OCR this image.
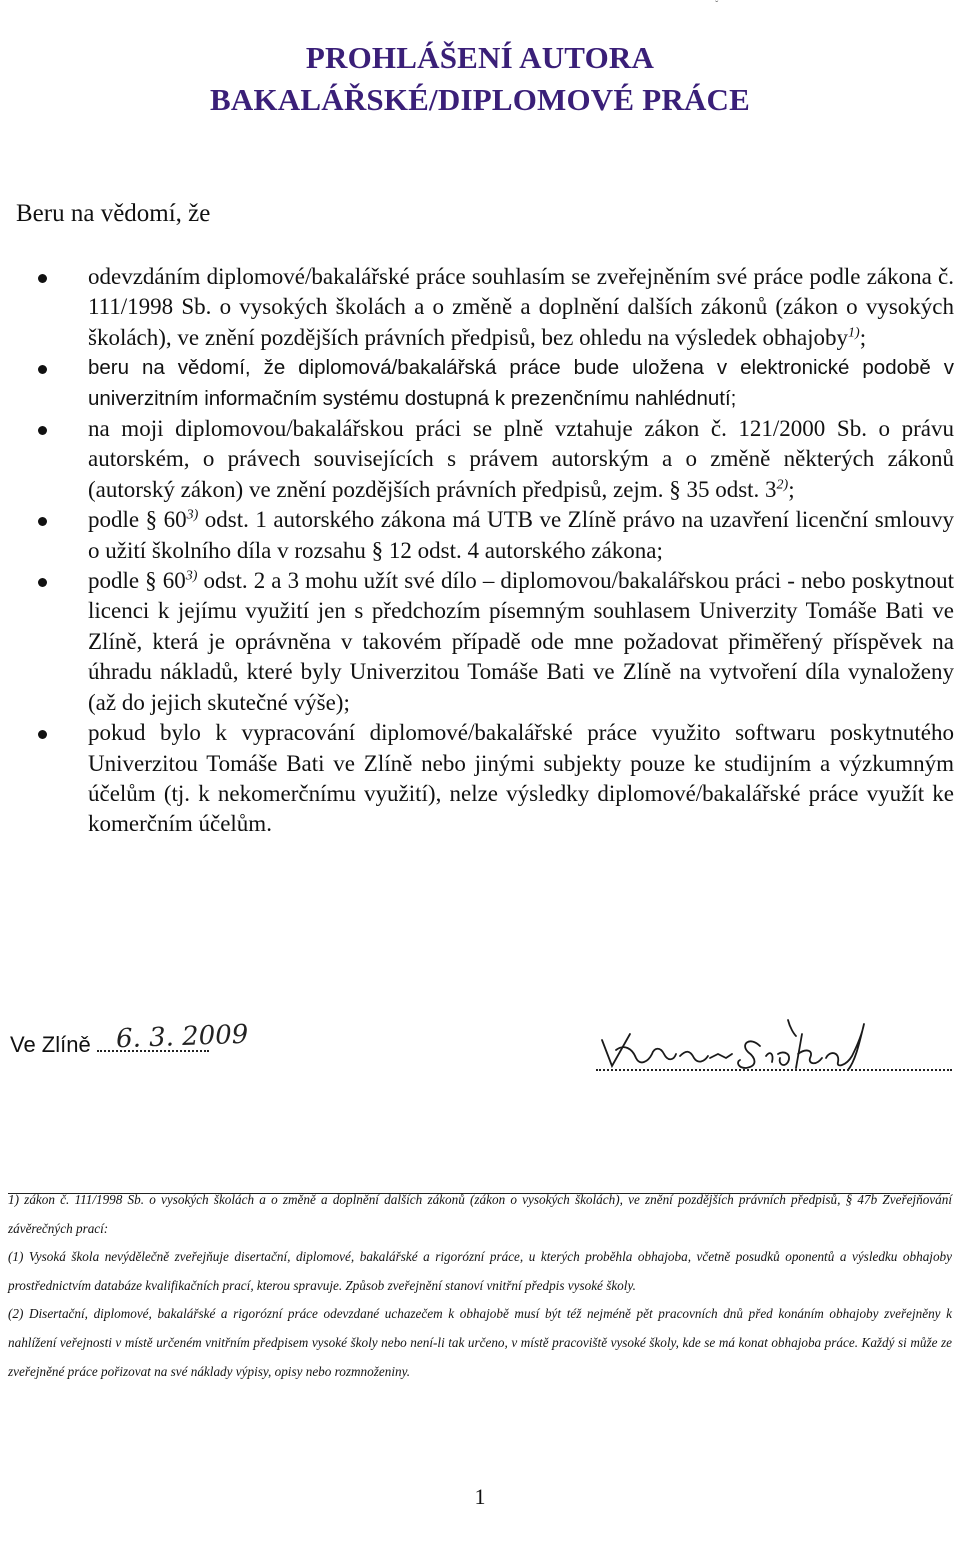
ˇ
PROHLÁŠENÍ AUTORA
BAKALÁŘSKÉ/DIPLOMOVÉ PRÁCE
Beru na vědomí, že
odevzdáním diplomové/bakalářské práce souhlasím se zveřejněním své práce podle zákona č. 111/1998 Sb. o vysokých školách a o změně a doplnění dalších zákonů (zákon o vysokých školách), ve znění pozdějších právních předpisů, bez ohledu na výsledek obhajoby$^{1)}$;
beru na vědomí, že diplomová/bakalářská práce bude uložena v elektronické podobě v univerzitním informačním systému dostupná k prezenčnímu nahlédnutí;
na moji diplomovou/bakalářskou práci se plně vztahuje zákon č. 121/2000 Sb. o právu autorském, o právech souvisejících s právem autorským a o změně některých zákonů (autorský zákon) ve znění pozdějších právních předpisů, zejm. § 35 odst. 3$^{2)}$;
podle § 60$^{3)}$ odst. 1 autorského zákona má UTB ve Zlíně právo na uzavření licenční smlouvy o užití školního díla v rozsahu § 12 odst. 4 autorského zákona;
podle § 60$^{3)}$ odst. 2 a 3 mohu užít své dílo – diplomovou/bakalářskou práci - nebo poskytnout licenci k jejímu využití jen s předchozím písemným souhlasem Univerzity Tomáše Bati ve Zlíně, která je oprávněna v takovém případě ode mne požadovat přiměřený příspěvek na úhradu nákladů, které byly Univerzitou Tomáše Bati ve Zlíně na vytvoření díla vynaloženy (až do jejich skutečné výše);
pokud bylo k vypracování diplomové/bakalářské práce využito softwaru poskytnutého Univerzitou Tomáše Bati ve Zlíně nebo jinými subjekty pouze ke studijním a výzkumným účelům (tj. k nekomerčnímu využití), nelze výsledky diplomové/bakalářské práce využít ke komerčním účelům.
Ve Zlíně 6. 3. 2009

1) zákon č. 111/1998 Sb. o vysokých školách a o změně a doplnění dalších zákonů (zákon o vysokých školách), ve znění pozdějších právních předpisů, § 47b Zveřejňování závěrečných prací:

(1) Vysoká škola nevýdělečně zveřejňuje disertační, diplomové, bakalářské a rigorózní práce, u kterých proběhla obhajoba, včetně posudků oponentů a výsledku obhajoby prostřednictvím databáze kvalifikačních prací, kterou spravuje. Způsob zveřejnění stanoví vnitřní předpis vysoké školy.

(2) Disertační, diplomové, bakalářské a rigorózní práce odevzdané uchazečem k obhajobě musí být též nejméně pět pracovních dnů před konáním obhajoby zveřejněny k nahlížení veřejnosti v místě určeném vnitřním předpisem vysoké školy nebo není-li tak určeno, v místě pracoviště vysoké školy, kde se má konat obhajoba práce. Každý si může ze zveřejněné práce pořizovat na své náklady výpisy, opisy nebo rozmnoženiny.

1
